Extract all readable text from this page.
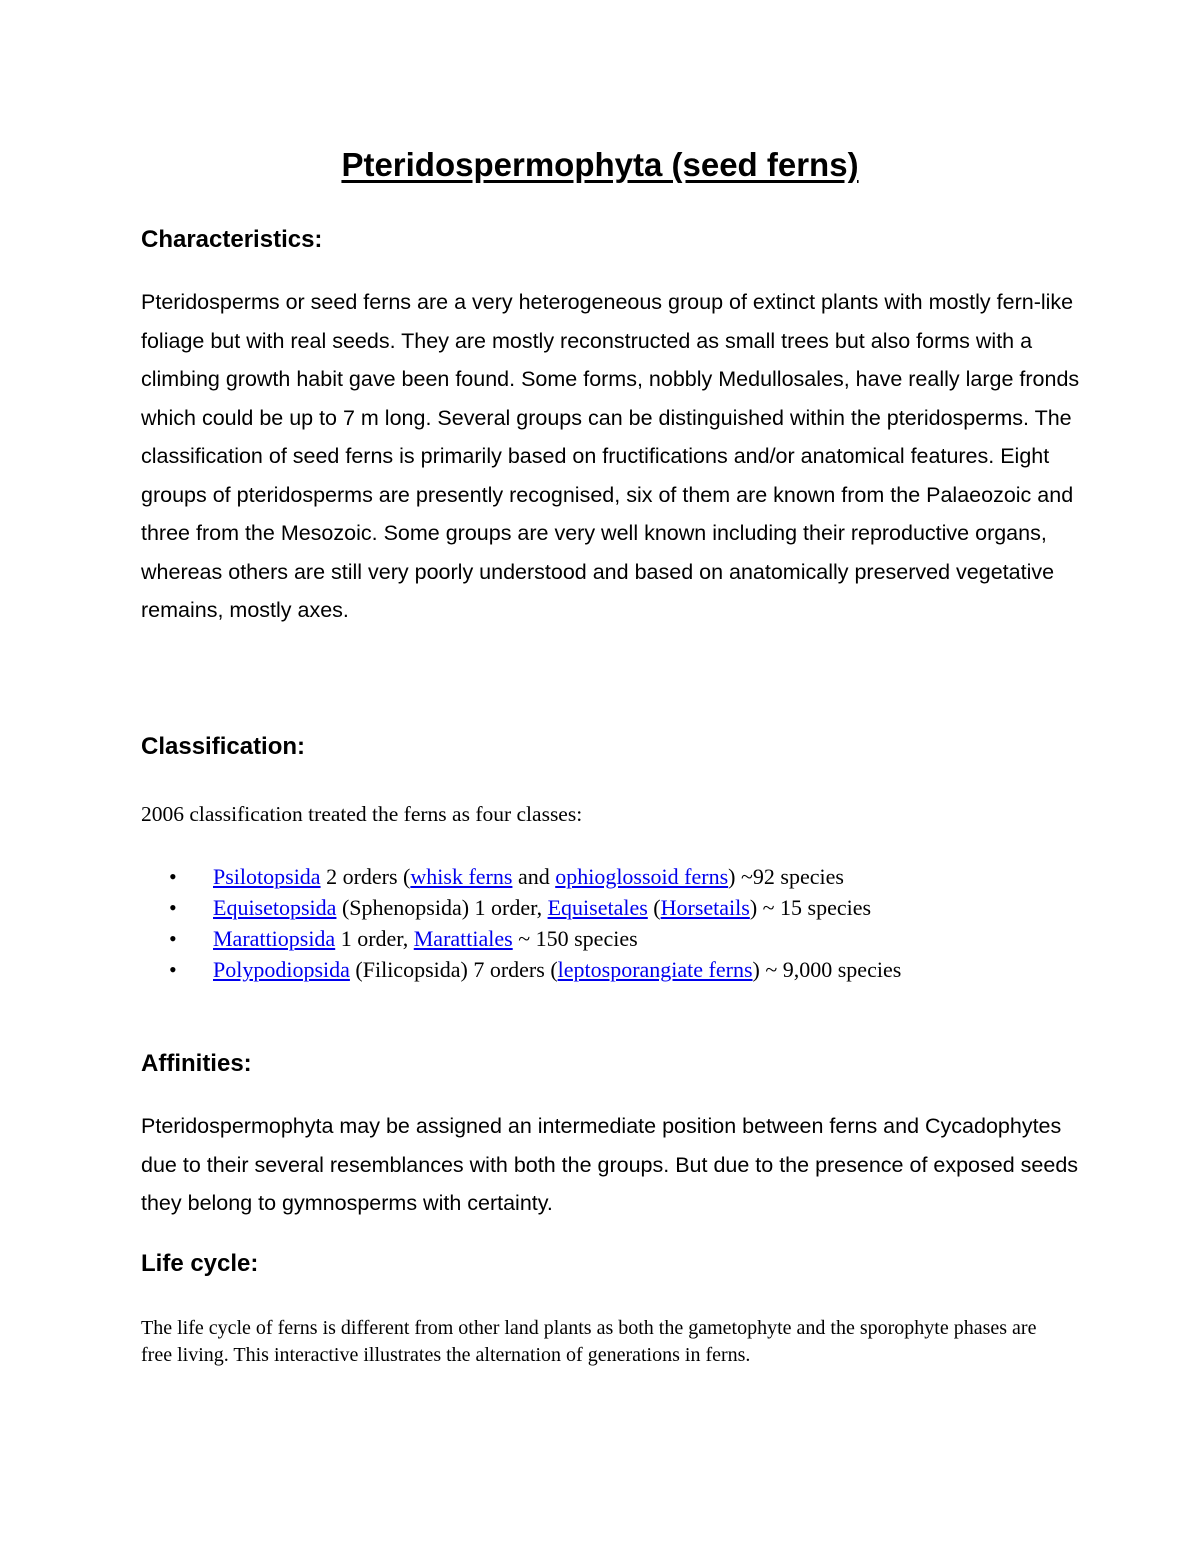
Pteridospermophyta (seed ferns)
Characteristics:

Pteridosperms or seed ferns are a very heterogeneous group of extinct plants with mostly fern-like foliage but with real seeds. They are mostly reconstructed as small trees but also forms with a climbing growth habit gave been found. Some forms, nobbly Medullosales, have really large fronds which could be up to 7 m long. Several groups can be distinguished within the pteridosperms. The classification of seed ferns is primarily based on fructifications and/or anatomical features. Eight groups of pteridosperms are presently recognised, six of them are known from the Palaeozoic and three from the Mesozoic. Some groups are very well known including their reproductive organs, whereas others are still very poorly understood and based on anatomically preserved vegetative remains, mostly axes.

Classification:

2006 classification treated the ferns as four classes:

• Psilotopsida 2 orders (whisk ferns and ophioglossoid ferns) ~92 species
• Equisetopsida (Sphenopsida) 1 order, Equisetales (Horsetails) ~ 15 species
• Marattiopsida 1 order, Marattiales ~ 150 species
• Polypodiopsida (Filicopsida) 7 orders (leptosporangiate ferns) ~ 9,000 species
Affinities:

Pteridospermophyta may be assigned an intermediate position between ferns and Cycadophytes due to their several resemblances with both the groups. But due to the presence of exposed seeds they belong to gymnosperms with certainty.

Life cycle:

The life cycle of ferns is different from other land plants as both the gametophyte and the sporophyte phases are free living. This interactive illustrates the alternation of generations in ferns.
